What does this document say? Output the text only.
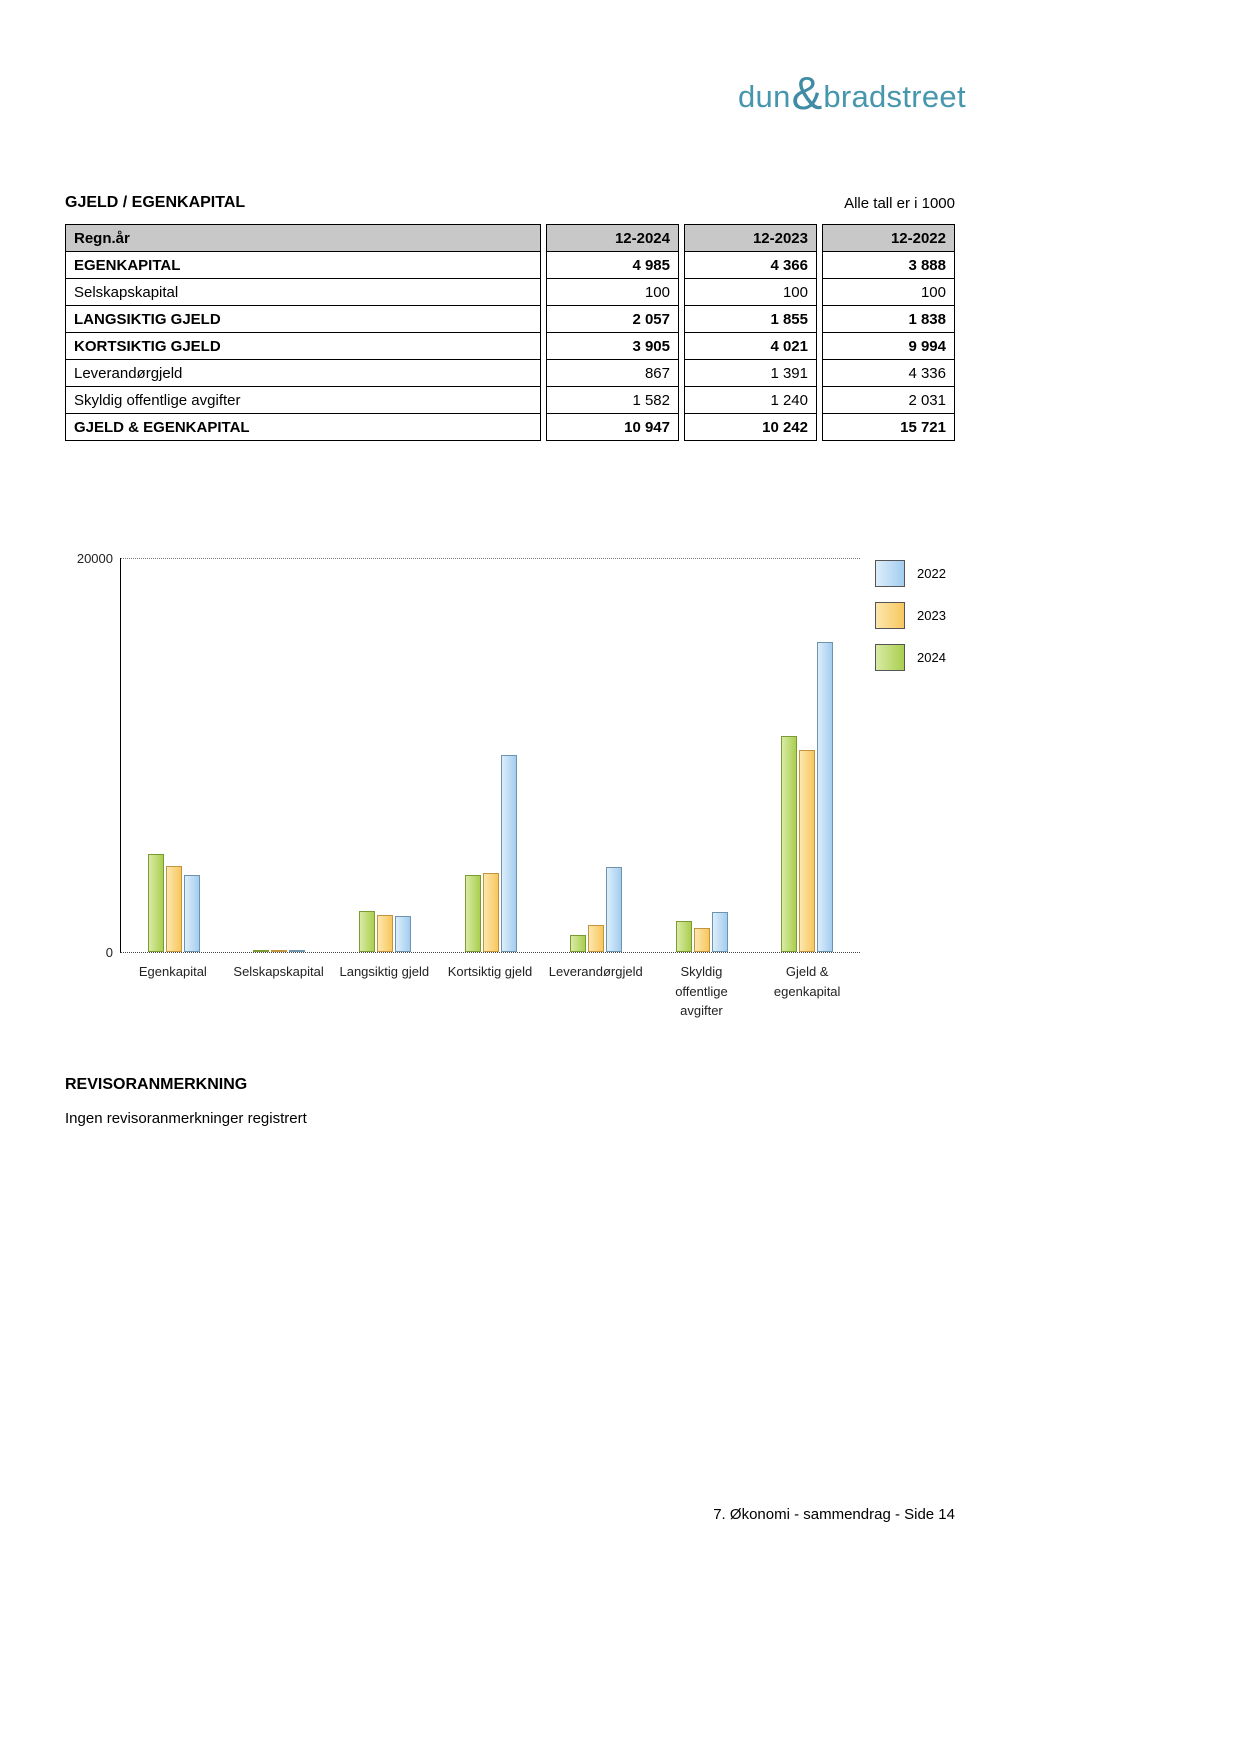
dun & bradstreet
GJELD / EGENKAPITAL	Alle tall er i 1000
Regn.år	12-2024	12-2023	12-2022
EGENKAPITAL	4 985	4 366	3 888
Selskapskapital	100	100	100
LANGSIKTIG GJELD	2 057	1 855	1 838
KORTSIKTIG GJELD	3 905	4 021	9 994
Leverandørgjeld	867	1 391	4 336
Skyldig offentlige avgifter	1 582	1 240	2 031
GJELD & EGENKAPITAL	10 947	10 242	15 721
20000
0
Egenkapital	Selskapskapital	Langsiktig gjeld	Kortsiktig gjeld	Leverandørgjeld	Skyldig offentlige avgifter
Gjeld & egenkapital
2022
2023
2024
REVISORANMERKNING
Ingen revisoranmerkninger registrert
7. Økonomi - sammendrag - Side 14
